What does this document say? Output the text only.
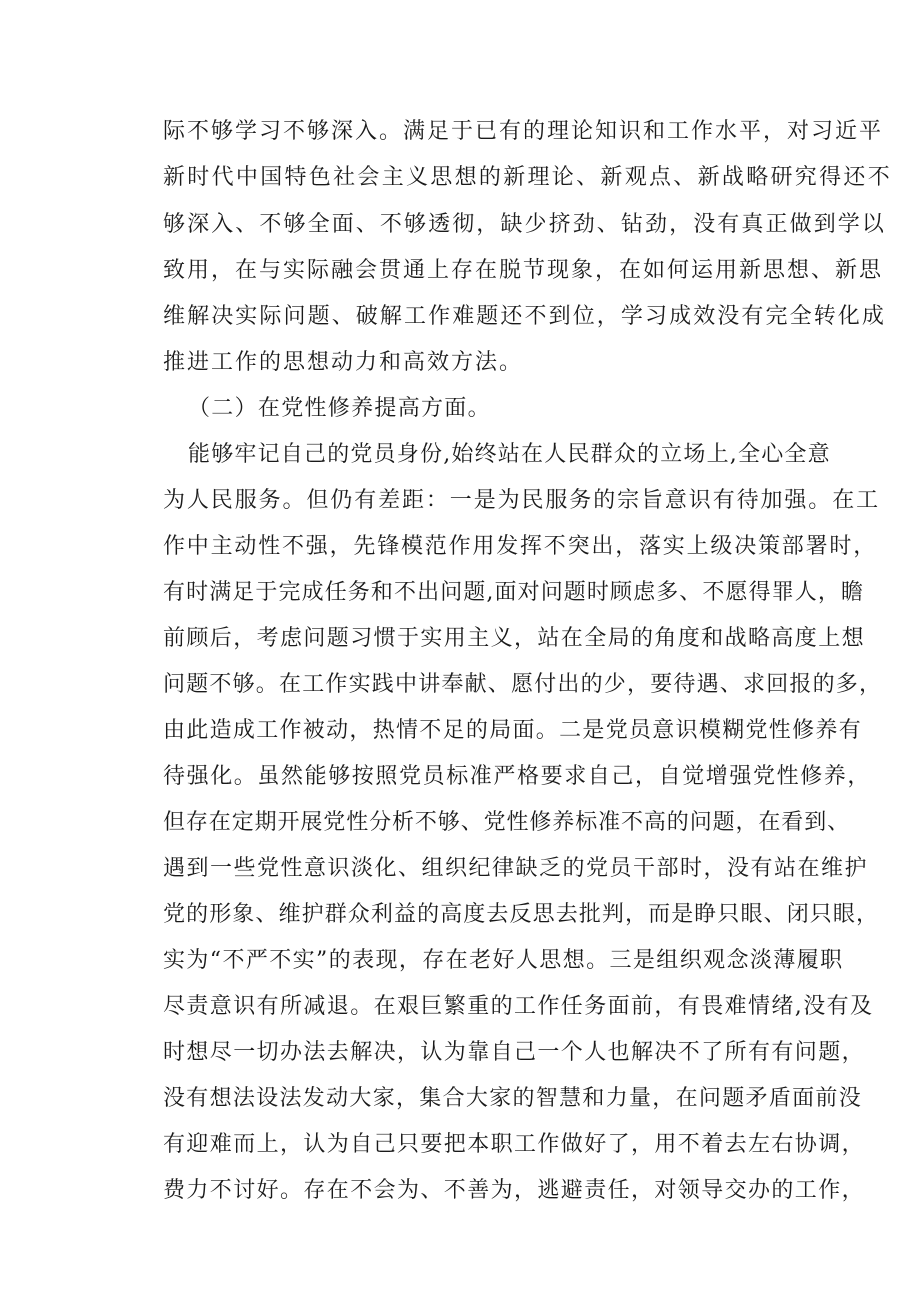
际不够学习不够深入。满足于已有的理论知识和工作水平，对习近平
新时代中国特色社会主义思想的新理论、新观点、新战略研究得还不
够深入、不够全面、不够透彻，缺少挤劲、钻劲，没有真正做到学以
致用，在与实际融会贯通上存在脱节现象，在如何运用新思想、新思
维解决实际问题、破解工作难题还不到位，学习成效没有完全转化成
推进工作的思想动力和高效方法。
（二）在党性修养提高方面。
能够牢记自己的党员身份,始终站在人民群众的立场上,全心全意
为人民服务。但仍有差距：一是为民服务的宗旨意识有待加强。在工
作中主动性不强，先锋模范作用发挥不突出，落实上级决策部署时，
有时满足于完成任务和不出问题,面对问题时顾虑多、不愿得罪人，瞻
前顾后，考虑问题习惯于实用主义，站在全局的角度和战略高度上想
问题不够。在工作实践中讲奉献、愿付出的少，要待遇、求回报的多，
由此造成工作被动，热情不足的局面。二是党员意识模糊党性修养有
待强化。虽然能够按照党员标准严格要求自己，自觉增强党性修养，
但存在定期开展党性分析不够、党性修养标准不高的问题，在看到、
遇到一些党性意识淡化、组织纪律缺乏的党员干部时，没有站在维护
党的形象、维护群众利益的高度去反思去批判，而是睁只眼、闭只眼，
实为“不严不实”的表现，存在老好人思想。三是组织观念淡薄履职
尽责意识有所减退。在艰巨繁重的工作任务面前，有畏难情绪,没有及
时想尽一切办法去解决，认为靠自己一个人也解决不了所有有问题，
没有想法设法发动大家，集合大家的智慧和力量，在问题矛盾面前没
有迎难而上，认为自己只要把本职工作做好了，用不着去左右协调，
费力不讨好。存在不会为、不善为，逃避责任，对领导交办的工作，
